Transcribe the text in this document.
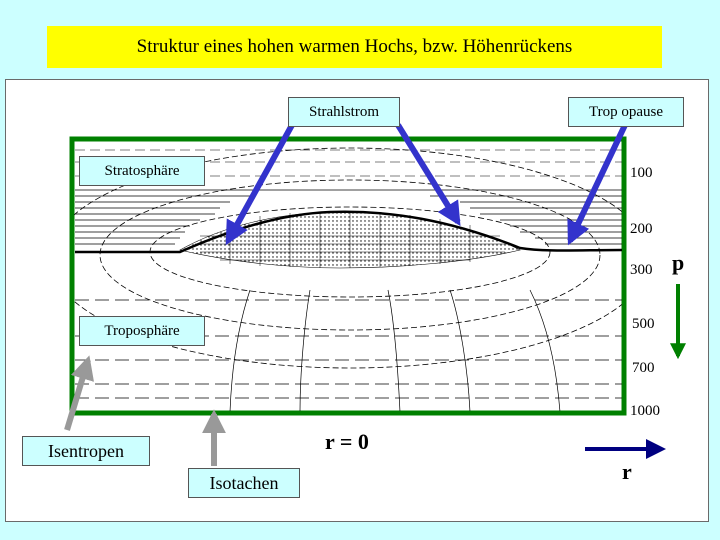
Struktur eines hohen warmen Hochs, bzw. Höhenrückens
Strahlstrom	Trop opause
Stratosphäre
Troposphäre
Isentropen
Isotachen
100
200
300
500
700
1000
p
r = 0
r
